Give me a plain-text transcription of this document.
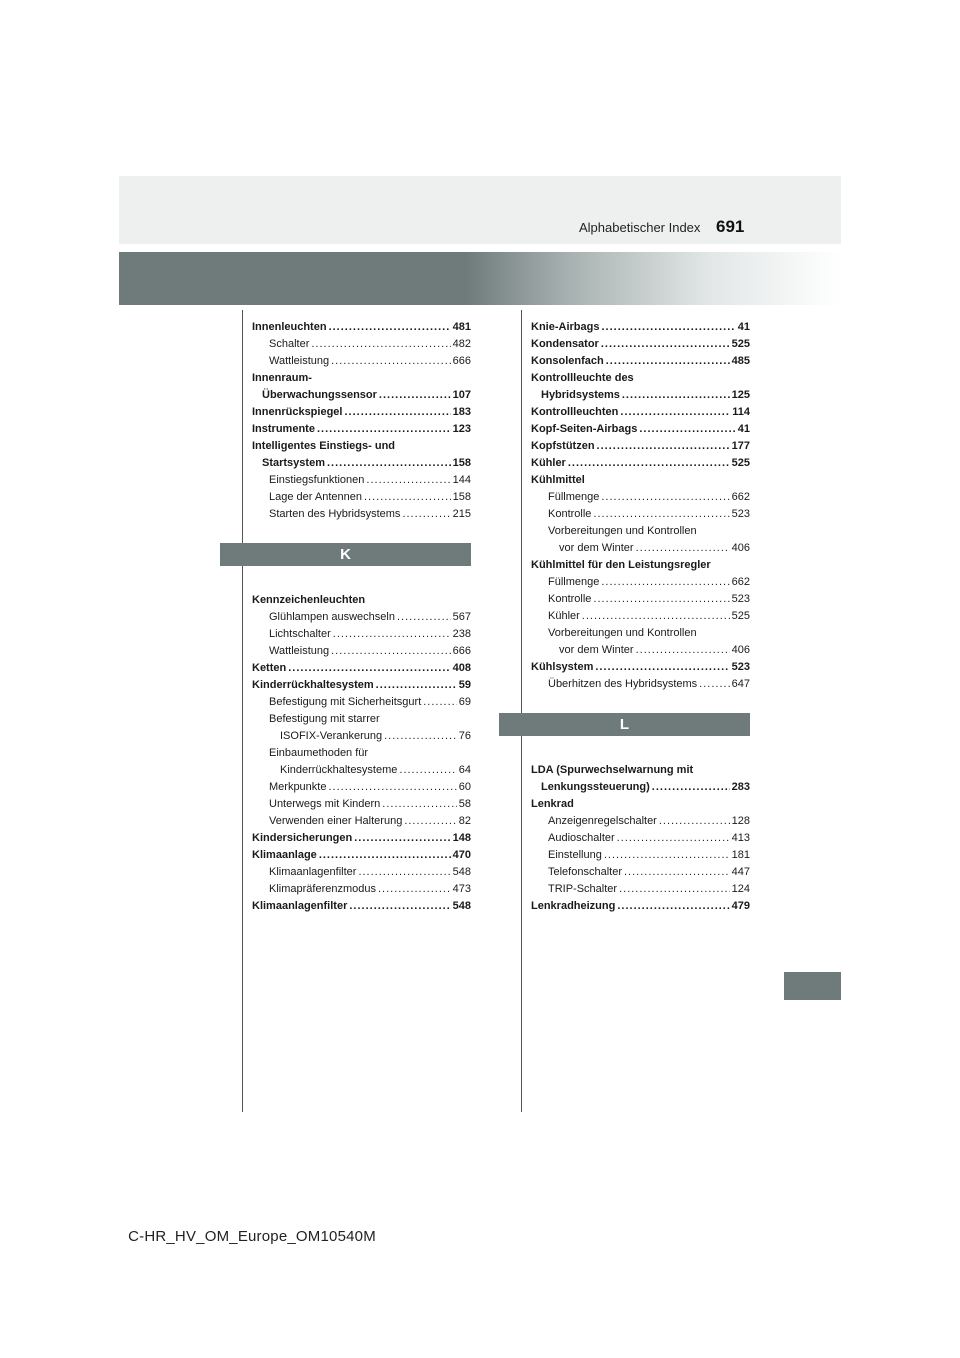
Alphabetischer Index 691
Innenleuchten .....	481
Schalter .....	482
Wattleistung .....	666
Innenraum-
Überwachungssensor .....	107
Innenrückspiegel .....	183
Instrumente .....	123
Intelligentes Einstiegs- und
Startsystem .....	158
Einstiegsfunktionen .....	144
Lage der Antennen .....	158
Starten des Hybridsystems .....	215
K
Kennzeichenleuchten
Glühlampen auswechseln .....	567
Lichtschalter .....	238
Wattleistung .....	666
Ketten .....	408
Kinderrückhaltesystem .....	59
Befestigung mit Sicherheitsgurt .....	69
Befestigung mit starrer
ISOFIX-Verankerung .....	76
Einbaumethoden für
Kinderrückhaltesysteme .....	64
Merkpunkte .....	60
Unterwegs mit Kindern .....	58
Verwenden einer Halterung .....	82
Kindersicherungen .....	148
Klimaanlage .....	470
Klimaanlagenfilter .....	548
Klimapräferenzmodus .....	473
Klimaanlagenfilter .....	548
Knie-Airbags .....	41
Kondensator .....	525
Konsolenfach .....	485
Kontrollleuchte des
Hybridsystems .....	125
Kontrollleuchten .....	114
Kopf-Seiten-Airbags .....	41
Kopfstützen .....	177
Kühler .....	525
Kühlmittel
Füllmenge .....	662
Kontrolle .....	523
Vorbereitungen und Kontrollen
vor dem Winter .....	406
Kühlmittel für den Leistungsregler
Füllmenge .....	662
Kontrolle .....	523
Kühler .....	525
Vorbereitungen und Kontrollen
vor dem Winter .....	406
Kühlsystem .....	523
Überhitzen des Hybridsystems .....	647
L
LDA (Spurwechselwarnung mit
Lenkungssteuerung) .....	283
Lenkrad
Anzeigenregelschalter .....	128
Audioschalter .....	413
Einstellung .....	181
Telefonschalter .....	447
TRIP-Schalter .....	124
Lenkradheizung .....	479
C-HR_HV_OM_Europe_OM10540M
